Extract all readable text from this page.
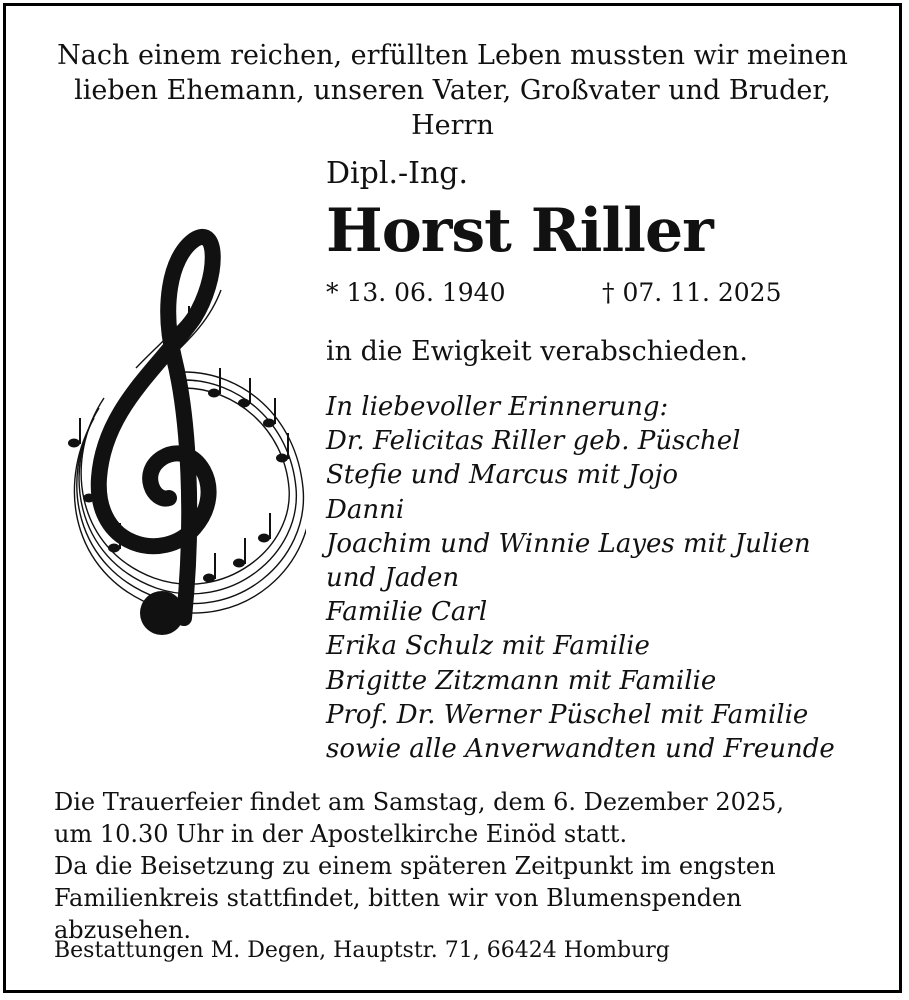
Nach einem reichen, erfüllten Leben mussten wir meinen
lieben Ehemann, unseren Vater, Großvater und Bruder,
Herrn

Dipl.-Ing.
Horst Riller
* 13. 06. 1940	† 07. 11. 2025
in die Ewigkeit verabschieden.
In liebevoller Erinnerung:
Dr. Felicitas Riller geb. Püschel
Stefie und Marcus mit Jojo
Danni
Joachim und Winnie Layes mit Julien
und Jaden
Familie Carl
Erika Schulz mit Familie
Brigitte Zitzmann mit Familie
Prof. Dr. Werner Püschel mit Familie
sowie alle Anverwandten und Freunde

Die Trauerfeier findet am Samstag, dem 6. Dezember 2025,
um 10.30 Uhr in der Apostelkirche Einöd statt.
Da die Beisetzung zu einem späteren Zeitpunkt im engsten
Familienkreis stattfindet, bitten wir von Blumenspenden
abzusehen.

Bestattungen M. Degen, Hauptstr. 71, 66424 Homburg
